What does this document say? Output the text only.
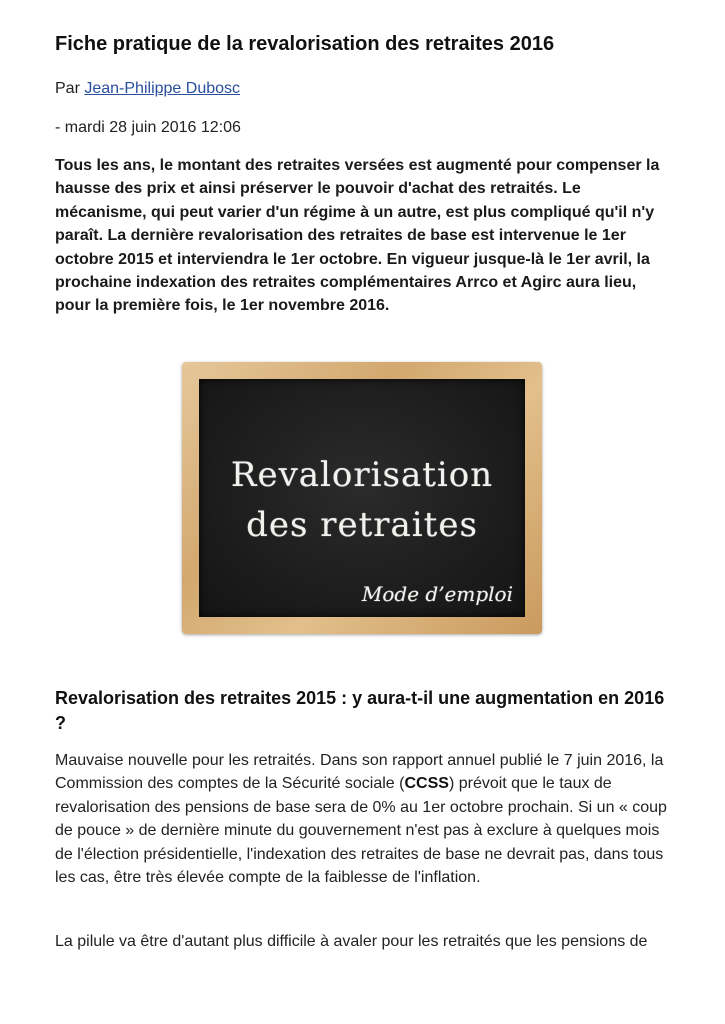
Fiche pratique de la revalorisation des retraites 2016
Par Jean-Philippe Dubosc
- mardi 28 juin 2016 12:06

Tous les ans, le montant des retraites versées est augmenté pour compenser la hausse des prix et ainsi préserver le pouvoir d'achat des retraités. Le mécanisme, qui peut varier d'un régime à un autre, est plus compliqué qu'il n'y paraît. La dernière revalorisation des retraites de base est intervenue le 1er octobre 2015 et interviendra le 1er octobre. En vigueur jusque-là le 1er avril, la prochaine indexation des retraites complémentaires Arrco et Agirc aura lieu, pour la première fois, le 1er novembre 2016.

Revalorisation
des retraites
Mode d’emploi
Revalorisation des retraites 2015 : y aura-t-il une augmentation en 2016 ?

Mauvaise nouvelle pour les retraités. Dans son rapport annuel publié le 7 juin 2016, la Commission des comptes de la Sécurité sociale (CCSS) prévoit que le taux de revalorisation des pensions de base sera de 0% au 1er octobre prochain. Si un « coup de pouce » de dernière minute du gouvernement n'est pas à exclure à quelques mois de l'élection présidentielle, l'indexation des retraites de base ne devrait pas, dans tous les cas, être très élevée compte de la faiblesse de l'inflation.

La pilule va être d'autant plus difficile à avaler pour les retraités que les pensions de
